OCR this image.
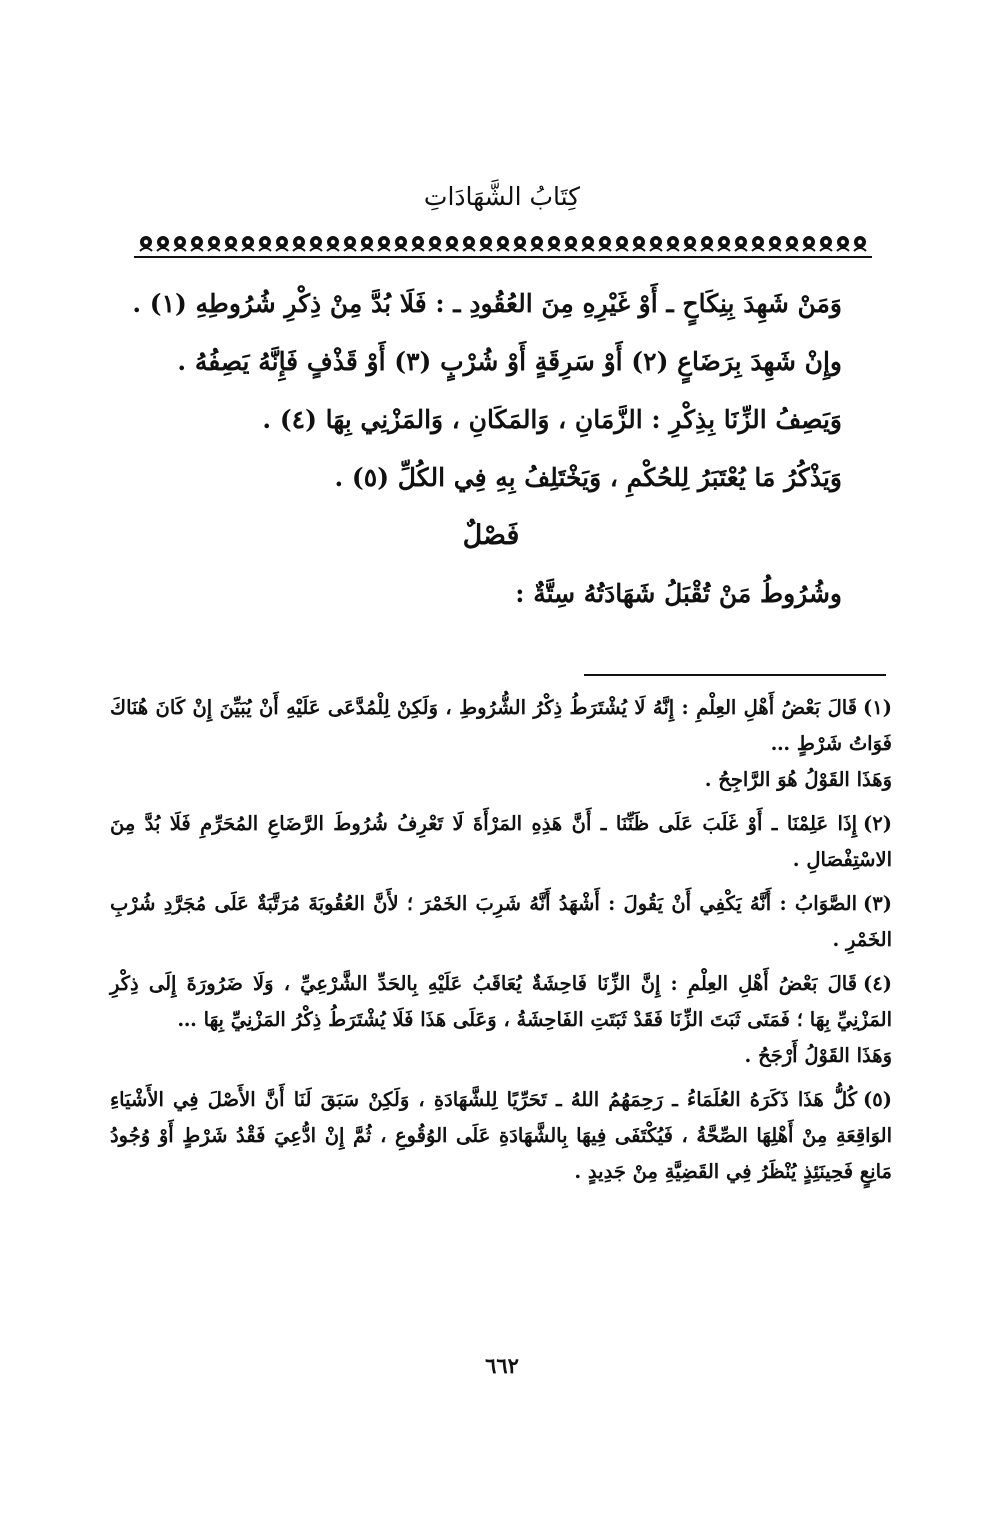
كِتَابُ الشَّهَادَاتِ
وَمَنْ شَهِدَ بِنِكَاحٍ ـ أَوْ غَيْرِهِ مِنَ العُقُودِ ـ : فَلَا بُدَّ مِنْ ذِكْرِ شُرُوطِهِ (١) .
وإِنْ شَهِدَ بِرَضَاعٍ (٢) أَوْ سَرِقَةٍ أَوْ شُرْبٍ (٣) أَوْ قَذْفٍ فَإِنَّهُ يَصِفُهُ .
وَيَصِفُ الزِّنَا بِذِكْرِ : الزَّمَانِ ، وَالمَكَانِ ، وَالمَزْنِي بِهَا (٤) .
وَيَذْكُرُ مَا يُعْتَبَرُ لِلحُكْمِ ، وَيَخْتَلِفُ بِهِ فِي الكُلِّ (٥) .
فَصْلٌ
وشُرُوطُ مَنْ تُقْبَلُ شَهَادَتُهُ سِتَّةٌ :

(١)قَالَ بَعْضُ أَهْلِ العِلْمِ : إِنَّهُ لَا يُشْتَرَطُ ذِكْرُ الشُّرُوطِ ، وَلَكِنْ لِلْمُدَّعَى عَلَيْهِ أَنْ يُبَيِّنَ إِنْ كَانَ هُنَاكَ فَوَاتُ شَرْطٍ …

وَهَذَا القَوْلُ هُوَ الرَّاجِحُ .

(٢)إِذَا عَلِمْنَا ـ أَوْ غَلَبَ عَلَى ظَنِّنَا ـ أَنَّ هَذِهِ المَرْأَةَ لَا تَعْرِفُ شُرُوطَ الرَّضَاعِ المُحَرِّمِ فَلَا بُدَّ مِنَ الاسْتِفْصَالِ .

(٣)الصَّوَابُ : أَنَّهُ يَكْفِي أَنْ يَقُولَ : أَشْهَدُ أَنَّهُ شَرِبَ الخَمْرَ ؛ لأَنَّ العُقُوبَةَ مُرَتَّبَةٌ عَلَى مُجَرَّدِ شُرْبِ الخَمْرِ .

(٤)قَالَ بَعْضُ أَهْلِ العِلْمِ : إِنَّ الزِّنَا فَاحِشَةٌ يُعَاقَبُ عَلَيْهِ بِالحَدِّ الشَّرْعِيِّ ، وَلَا ضَرُورَةَ إِلَى ذِكْرِ المَزْنِيِّ بِهَا ؛ فَمَتَى ثَبَتَ الزِّنَا فَقَدْ ثَبَتَتِ الفَاحِشَةُ ، وَعَلَى هَذَا فَلَا يُشْتَرَطُ ذِكْرُ المَزْنِيِّ بِهَا …

وَهَذَا القَوْلُ أَرْجَحُ .

(٥)كُلُّ هَذَا ذَكَرَهُ العُلَمَاءُ ـ رَحِمَهُمُ اللهُ ـ تَحَرِّيًا لِلشَّهَادَةِ ، وَلَكِنْ سَبَقَ لَنَا أَنَّ الأَصْلَ فِي الأَشْيَاءِ الوَاقِعَةِ مِنْ أَهْلِهَا الصِّحَّةُ ، فَيُكْتَفَى فِيهَا بِالشَّهَادَةِ عَلَى الوُقُوعِ ، ثُمَّ إِنْ ادُّعِيَ فَقْدُ شَرْطٍ أَوْ وُجُودُ مَانِعٍ فَحِينَئِذٍ يُنْظَرُ فِي القَضِيَّةِ مِنْ جَدِيدٍ .

٦٦٢
